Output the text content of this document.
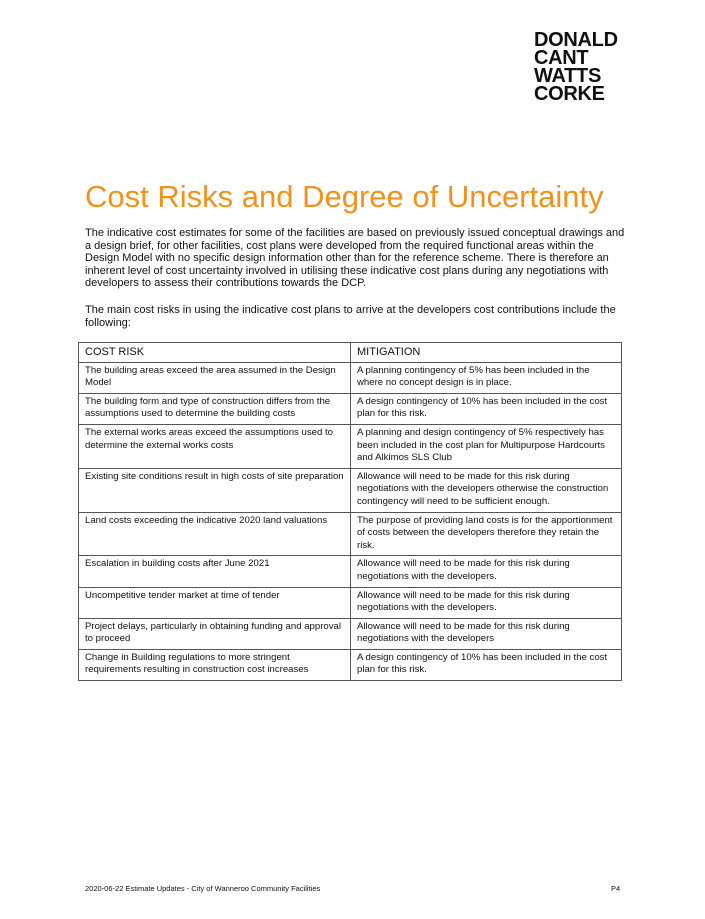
DONALD
CANT
WATTS
CORKE
Cost Risks and Degree of Uncertainty

The indicative cost estimates for some of the facilities are based on previously issued conceptual drawings and a design brief, for other facilities, cost plans were developed from the required functional areas within the Design Model with no specific design information other than for the reference scheme. There is therefore an inherent level of cost uncertainty involved in utilising these indicative cost plans during any negotiations with developers to assess their contributions towards the DCP.

The main cost risks in using the indicative cost plans to arrive at the developers cost contributions include the following:

COST RISK	MITIGATION
The building areas exceed the area assumed in the Design Model	A planning contingency of 5% has been included in the where no concept design is in place.
The building form and type of construction differs from the assumptions used to determine the building costs	A design contingency of 10% has been included in the cost plan for this risk.
The external works areas exceed the assumptions used to determine the external works costs	A planning and design contingency of 5% respectively has been included in the cost plan for Multipurpose Hardcourts and Alkimos SLS Club
Existing site conditions result in high costs of site preparation	Allowance will need to be made for this risk during negotiations with the developers otherwise the construction contingency will need to be sufficient enough.
Land costs exceeding the indicative 2020 land valuations	The purpose of providing land costs is for the apportionment of costs between the developers therefore they retain the risk.
Escalation in building costs after June 2021	Allowance will need to be made for this risk during negotiations with the developers.
Uncompetitive tender market at time of tender	Allowance will need to be made for this risk during negotiations with the developers.
Project delays, particularly in obtaining funding and approval to proceed	Allowance will need to be made for this risk during negotiations with the developers
Change in Building regulations to more stringent requirements resulting in construction cost increases	A design contingency of 10% has been included in the cost plan for this risk.
2020-06-22 Estimate Updates - City of Wanneroo Community Facilities	P4
